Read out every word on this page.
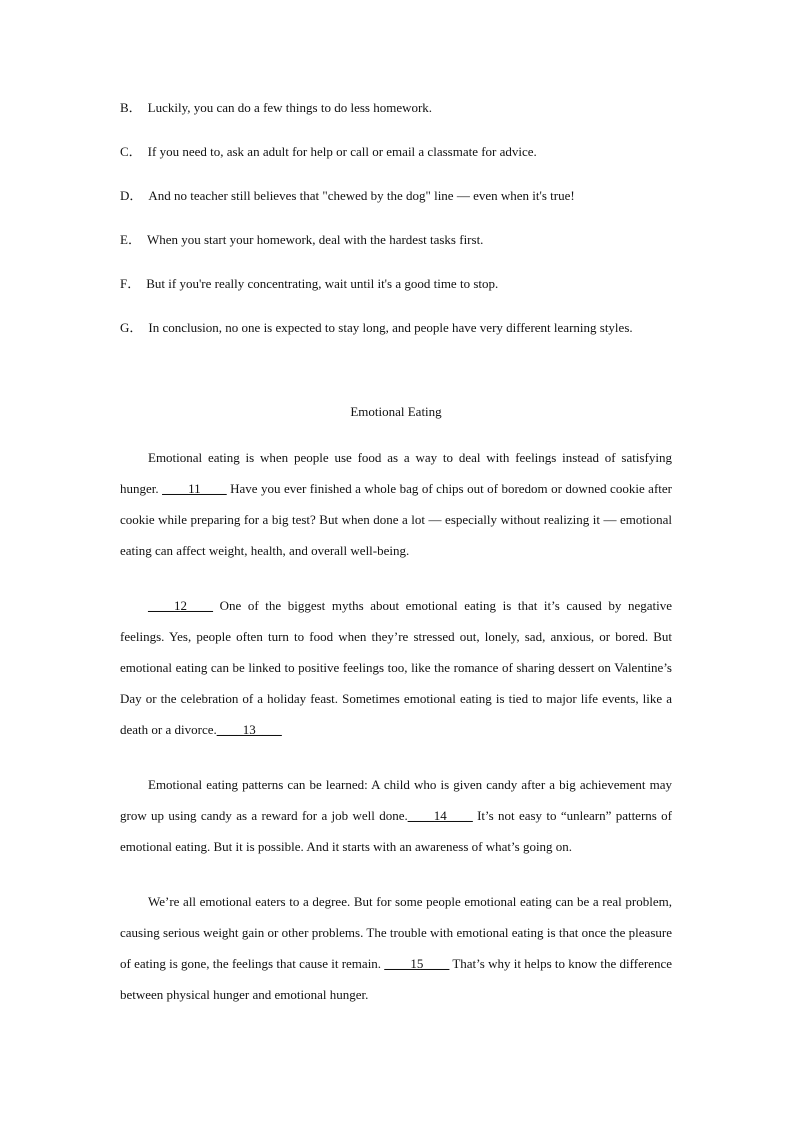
B． Luckily, you can do a few things to do less homework.

C． If you need to, ask an adult for help or call or email a classmate for advice.

D． And no teacher still believes that "chewed by the dog" line — even when it's true!

E． When you start your homework, deal with the hardest tasks first.

F． But if you're really concentrating, wait until it's a good time to stop.

G． In conclusion, no one is expected to stay long, and people have very different learning styles.

Emotional Eating

Emotional eating is when people use food as a way to deal with feelings instead of satisfying hunger. ____11____ Have you ever finished a whole bag of chips out of boredom or downed cookie after cookie while preparing for a big test? But when done a lot — especially without realizing it — emotional eating can affect weight, health, and overall well-being.

____12____ One of the biggest myths about emotional eating is that it’s caused by negative feelings. Yes, people often turn to food when they’re stressed out, lonely, sad, anxious, or bored. But emotional eating can be linked to positive feelings too, like the romance of sharing dessert on Valentine’s Day or the celebration of a holiday feast. Sometimes emotional eating is tied to major life events, like a death or a divorce.____13____

Emotional eating patterns can be learned: A child who is given candy after a big achievement may grow up using candy as a reward for a job well done.____14____ It’s not easy to “unlearn” patterns of emotional eating. But it is possible. And it starts with an awareness of what’s going on.

We’re all emotional eaters to a degree. But for some people emotional eating can be a real problem, causing serious weight gain or other problems. The trouble with emotional eating is that once the pleasure of eating is gone, the feelings that cause it remain. ____15____ That’s why it helps to know the difference between physical hunger and emotional hunger.
